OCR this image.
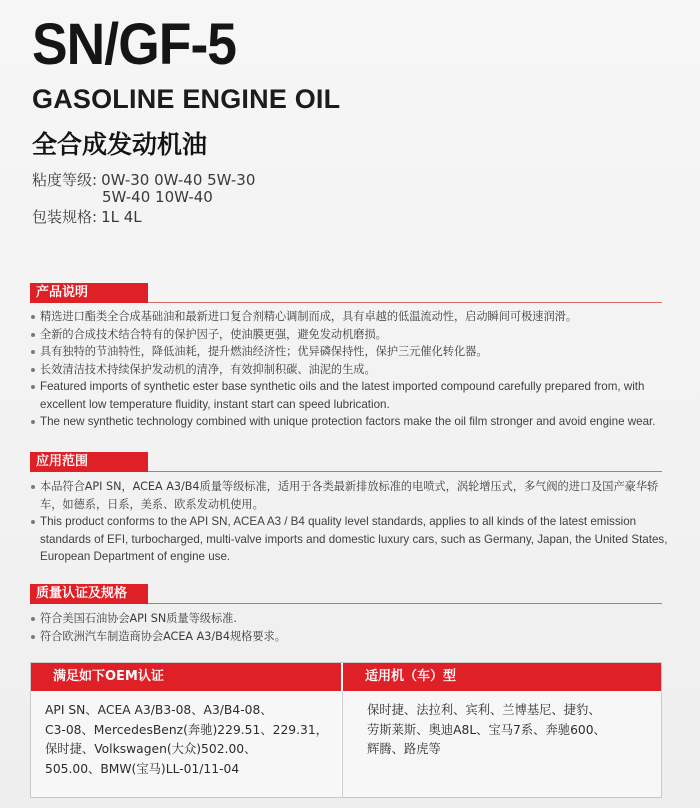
SN/GF-5
GASOLINE ENGINE OIL
全合成发动机油
粘度等级: 0W-30 0W-40 5W-30
5W-40 10W-40
包装规格: 1L 4L
产品说明
精选进口酯类全合成基础油和最新进口复合剂精心调制而成，具有卓越的低温流动性，启动瞬间可极速润滑。
全新的合成技术结合特有的保护因子，使油膜更强，避免发动机磨损。
具有独特的节油特性，降低油耗，提升燃油经济性；优异磷保持性，保护三元催化转化器。
长效清洁技术持续保护发动机的清净，有效抑制积碳、油泥的生成。
Featured imports of synthetic ester base synthetic oils and the latest imported compound carefully prepared from, with excellent low temperature fluidity, instant start can speed lubrication.
The new synthetic technology combined with unique protection factors make the oil film stronger and avoid engine wear.
应用范围
本品符合API SN，ACEA A3/B4质量等级标准，适用于各类最新排放标准的电喷式，涡轮增压式，多气阀的进口及国产豪华轿车，如德系，日系，美系、欧系发动机使用。
This product conforms to the API SN, ACEA A3 / B4 quality level standards, applies to all kinds of the latest emission standards of EFI, turbocharged, multi-valve imports and domestic luxury cars, such as Germany, Japan, the United States, European Department of engine use.
质量认证及规格
符合美国石油协会API SN质量等级标准.
符合欧洲汽车制造商协会ACEA A3/B4规格要求。
满足如下OEM认证	适用机（车）型
API SN、ACEA A3/B3-08、A3/B4-08、
C3-08、MercedesBenz(奔驰)229.51、229.31，
保时捷、Volkswagen(大众)502.00、
505.00、BMW(宝马)LL-01/11-04
保时捷、法拉利、宾利、兰博基尼、捷豹、
劳斯莱斯、奥迪A8L、宝马7系、奔驰600、
辉腾、路虎等
